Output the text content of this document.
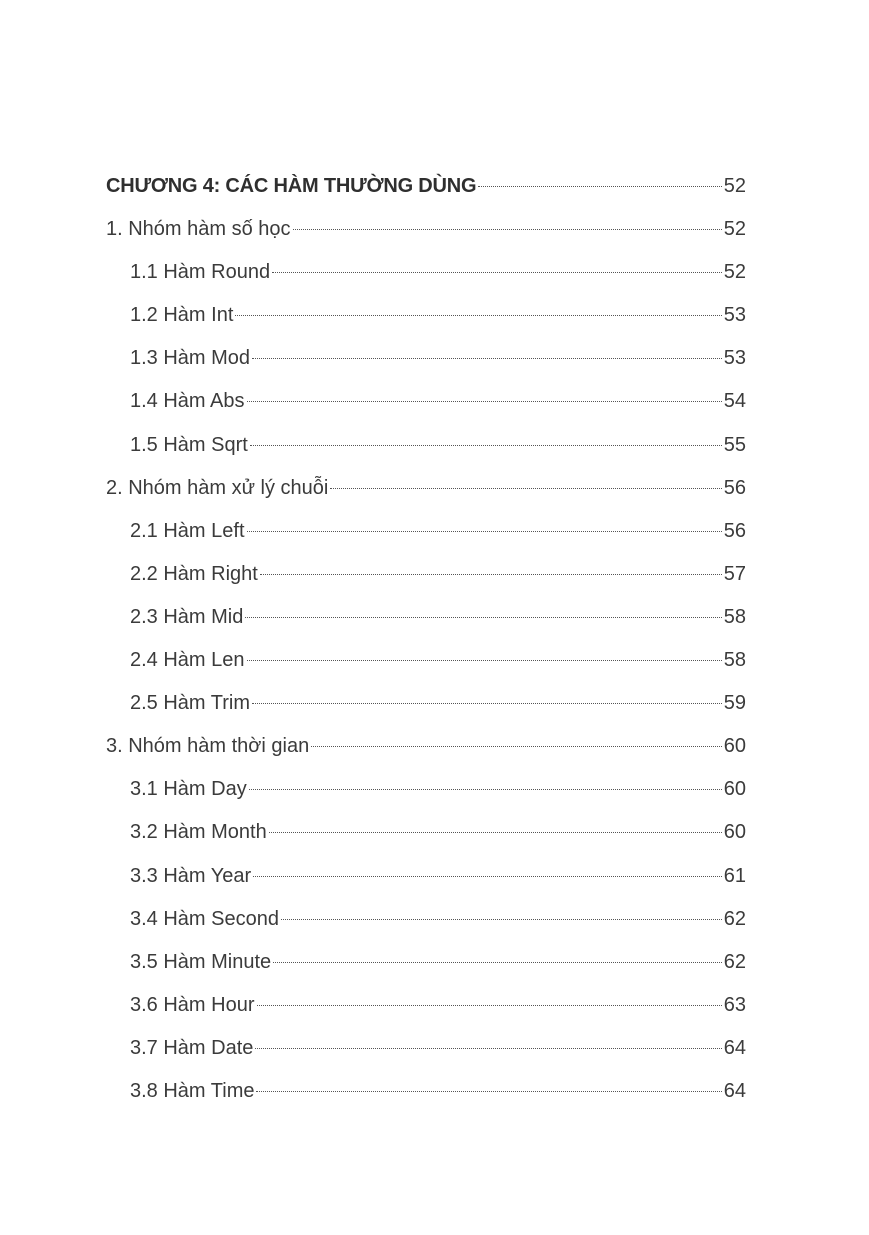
CHƯƠNG 4: CÁC HÀM THƯỜNG DÙNG	52
1. Nhóm hàm số học	52
1.1 Hàm Round	52
1.2 Hàm Int	53
1.3 Hàm Mod	53
1.4 Hàm Abs	54
1.5 Hàm Sqrt	55
2. Nhóm hàm xử lý chuỗi	56
2.1 Hàm Left	56
2.2 Hàm Right	57
2.3 Hàm Mid	58
2.4 Hàm Len	58
2.5 Hàm Trim	59
3. Nhóm hàm thời gian	60
3.1 Hàm Day	60
3.2 Hàm Month	60
3.3 Hàm Year	61
3.4 Hàm Second	62
3.5 Hàm Minute	62
3.6 Hàm Hour	63
3.7 Hàm Date	64
3.8 Hàm Time	64
